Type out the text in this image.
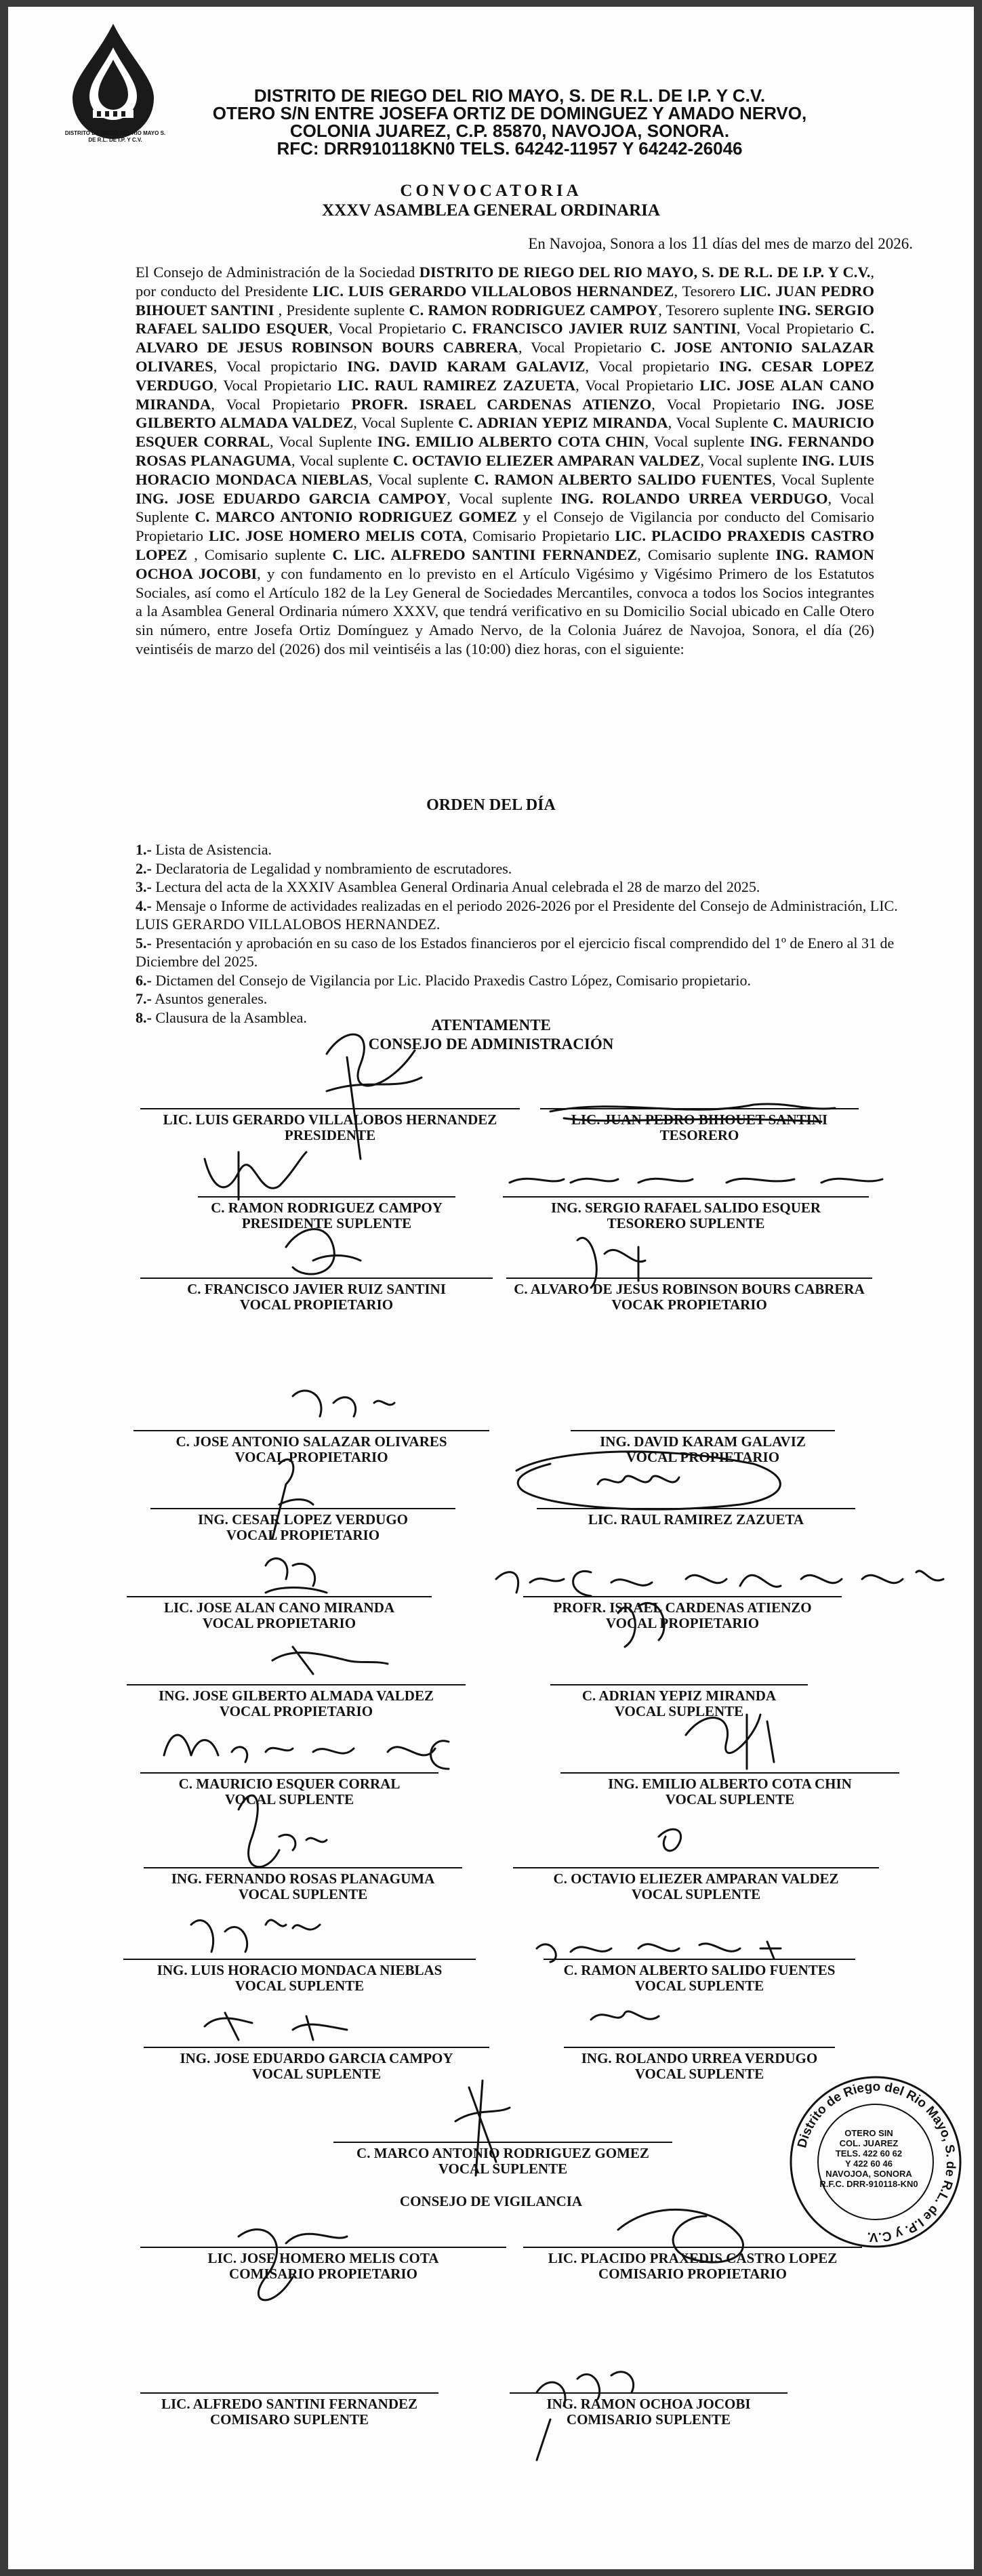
DISTRITO DE RIEGO DEL RIO MAYO S. DE R.L. DE I.P. Y C.V.
DISTRITO DE RIEGO DEL RIO MAYO, S. DE R.L. DE I.P. Y C.V.
OTERO S/N ENTRE JOSEFA ORTIZ DE DOMINGUEZ Y AMADO NERVO,
COLONIA JUAREZ, C.P. 85870, NAVOJOA, SONORA.
RFC: DRR910118KN0 TELS. 64242-11957 Y 64242-26046
CONVOCATORIA
XXXV ASAMBLEA GENERAL ORDINARIA
En Navojoa, Sonora a los 11 días del mes de marzo del 2026.
El Consejo de Administración de la Sociedad DISTRITO DE RIEGO DEL RIO MAYO, S. DE R.L. DE I.P. Y C.V., por conducto del Presidente LIC. LUIS GERARDO VILLALOBOS HERNANDEZ, Tesorero LIC. JUAN PEDRO BIHOUET SANTINI , Presidente suplente C. RAMON RODRIGUEZ CAMPOY, Tesorero suplente ING. SERGIO RAFAEL SALIDO ESQUER, Vocal Propietario C. FRANCISCO JAVIER RUIZ SANTINI, Vocal Propietario C. ALVARO DE JESUS ROBINSON BOURS CABRERA, Vocal Propietario C. JOSE ANTONIO SALAZAR OLIVARES, Vocal propictario ING. DAVID KARAM GALAVIZ, Vocal propietario ING. CESAR LOPEZ VERDUGO, Vocal Propietario LIC. RAUL RAMIREZ ZAZUETA, Vocal Propietario LIC. JOSE ALAN CANO MIRANDA, Vocal Propietario PROFR. ISRAEL CARDENAS ATIENZO, Vocal Propietario ING. JOSE GILBERTO ALMADA VALDEZ, Vocal Suplente C. ADRIAN YEPIZ MIRANDA, Vocal Suplente C. MAURICIO ESQUER CORRAL, Vocal Suplente ING. EMILIO ALBERTO COTA CHIN, Vocal suplente ING. FERNANDO ROSAS PLANAGUMA, Vocal suplente C. OCTAVIO ELIEZER AMPARAN VALDEZ, Vocal suplente ING. LUIS HORACIO MONDACA NIEBLAS, Vocal suplente C. RAMON ALBERTO SALIDO FUENTES, Vocal Suplente ING. JOSE EDUARDO GARCIA CAMPOY, Vocal suplente ING. ROLANDO URREA VERDUGO, Vocal Suplente C. MARCO ANTONIO RODRIGUEZ GOMEZ y el Consejo de Vigilancia por conducto del Comisario Propietario LIC. JOSE HOMERO MELIS COTA, Comisario Propietario LIC. PLACIDO PRAXEDIS CASTRO LOPEZ , Comisario suplente C. LIC. ALFREDO SANTINI FERNANDEZ, Comisario suplente ING. RAMON OCHOA JOCOBI, y con fundamento en lo previsto en el Artículo Vigésimo y Vigésimo Primero de los Estatutos Sociales, así como el Artículo 182 de la Ley General de Sociedades Mercantiles, convoca a todos los Socios integrantes a la Asamblea General Ordinaria número XXXV, que tendrá verificativo en su Domicilio Social ubicado en Calle Otero sin número, entre Josefa Ortiz Domínguez y Amado Nervo, de la Colonia Juárez de Navojoa, Sonora, el día (26) veintiséis de marzo del (2026) dos mil veintiséis a las (10:00) diez horas, con el siguiente:
ORDEN DEL DÍA
1.- Lista de Asistencia.
2.- Declaratoria de Legalidad y nombramiento de escrutadores.
3.- Lectura del acta de la XXXIV Asamblea General Ordinaria Anual celebrada el 28 de marzo del 2025.
4.- Mensaje o Informe de actividades realizadas en el periodo 2026-2026 por el Presidente del Consejo de Administración, LIC. LUIS GERARDO VILLALOBOS HERNANDEZ.
5.- Presentación y aprobación en su caso de los Estados financieros por el ejercicio fiscal comprendido del 1º de Enero al 31 de Diciembre del 2025.
6.- Dictamen del Consejo de Vigilancia por Lic. Placido Praxedis Castro López, Comisario propietario.
7.- Asuntos generales.
8.- Clausura de la Asamblea.	ATENTAMENTE
CONSEJO DE ADMINISTRACIÓN
LIC. LUIS GERARDO VILLALOBOS HERNANDEZ
PRESIDENTE
LIC. JUAN PEDRO BIHOUET SANTINI
TESORERO
C. RAMON RODRIGUEZ CAMPOY
PRESIDENTE SUPLENTE
ING. SERGIO RAFAEL SALIDO ESQUER
TESORERO SUPLENTE
C. FRANCISCO JAVIER RUIZ SANTINI
VOCAL PROPIETARIO
C. ALVARO DE JESUS ROBINSON BOURS CABRERA
VOCAK PROPIETARIO
C. JOSE ANTONIO SALAZAR OLIVARES
VOCAL PROPIETARIO
ING. DAVID KARAM GALAVIZ
VOCAL PROPIETARIO
ING. CESAR LOPEZ VERDUGO
VOCAL PROPIETARIO
LIC. RAUL RAMIREZ ZAZUETA
LIC. JOSE ALAN CANO MIRANDA
VOCAL PROPIETARIO
PROFR. ISRAEL CARDENAS ATIENZO
VOCAL PROPIETARIO
ING. JOSE GILBERTO ALMADA VALDEZ
VOCAL PROPIETARIO
C. ADRIAN YEPIZ MIRANDA
VOCAL SUPLENTE
C. MAURICIO ESQUER CORRAL
VOCAL SUPLENTE
ING. EMILIO ALBERTO COTA CHIN
VOCAL SUPLENTE
ING. FERNANDO ROSAS PLANAGUMA
VOCAL SUPLENTE
C. OCTAVIO ELIEZER AMPARAN VALDEZ
VOCAL SUPLENTE
ING. LUIS HORACIO MONDACA NIEBLAS
VOCAL SUPLENTE
C. RAMON ALBERTO SALIDO FUENTES
VOCAL SUPLENTE
ING. JOSE EDUARDO GARCIA CAMPOY
VOCAL SUPLENTE
ING. ROLANDO URREA VERDUGO
VOCAL SUPLENTE
C. MARCO ANTONIO RODRIGUEZ GOMEZ
VOCAL SUPLENTE
LIC. JOSE HOMERO MELIS COTA
COMISARIO PROPIETARIO
LIC. PLACIDO PRAXEDIS CASTRO LOPEZ
COMISARIO PROPIETARIO
LIC. ALFREDO SANTINI FERNANDEZ
COMISARO SUPLENTE
ING. RAMON OCHOA JOCOBI
COMISARIO SUPLENTE
CONSEJO DE VIGILANCIA
Distrito de Riego del Rio Mayo, S. de R.L. de I.P. y C.V.
OTERO SIN
COL. JUAREZ
TELS. 422 60 62
Y 422 60 46
NAVOJOA, SONORA
R.F.C. DRR-910118-KN0
